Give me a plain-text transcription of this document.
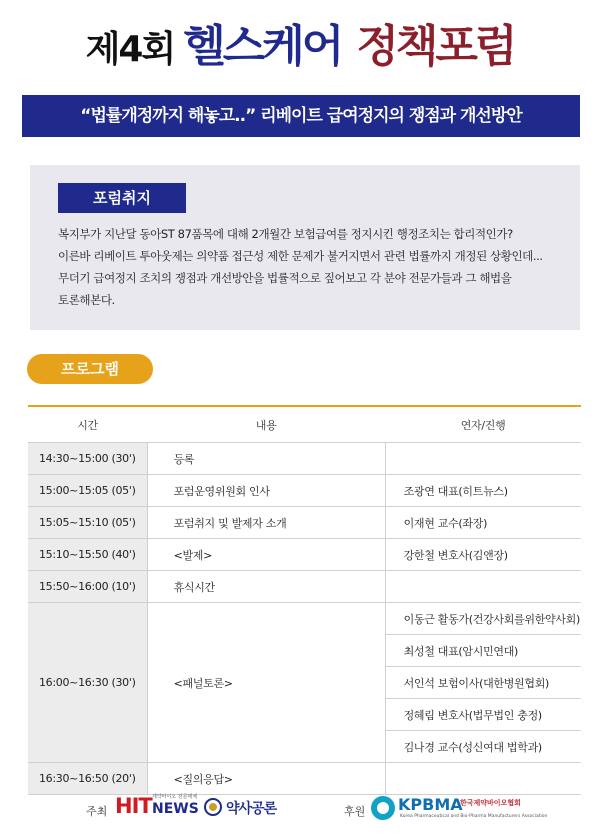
제4회 헬스케어 정책포럼
“법률개정까지 해놓고..” 리베이트 급여정지의 쟁점과 개선방안
포럼취지
복지부가 지난달 동아ST 87품목에 대해 2개월간 보험급여를 정지시킨 행정조치는 합리적인가?
이른바 리베이트 투아웃제는 의약품 접근성 제한 문제가 불거지면서 관련 법률까지 개정된 상황인데...
무더기 급여정지 조치의 쟁점과 개선방안을 법률적으로 짚어보고 각 분야 전문가들과 그 해법을
토론해본다.
프로그램
시간	내용	연자/진행
14:30~15:00 (30')	등록	
15:00~15:05 (05')	포럼운영위원회 인사	조광연 대표(히트뉴스)
15:05~15:10 (05')	포럼취지 및 발제자 소개	이재현 교수(좌장)
15:10~15:50 (40')	<발제>	강한철 변호사(김앤장)
15:50~16:00 (10')	휴식시간	
16:00~16:30 (30')	<패널토론>	이동근 활동가(건강사회를위한약사회)
		최성철 대표(암시민연대)
		서인석 보험이사(대한병원협회)
		정혜림 변호사(법무법인 충정)
		김나경 교수(성신여대 법학과)
16:30~16:50 (20')	<질의응답>	
주최 HIT 제약바이오 전문매체
NEWS 약사공론	후원 KPBMA
한국제약바이오협회
Korea Pharmaceutical and Bio-Pharma Manufacturers Association
